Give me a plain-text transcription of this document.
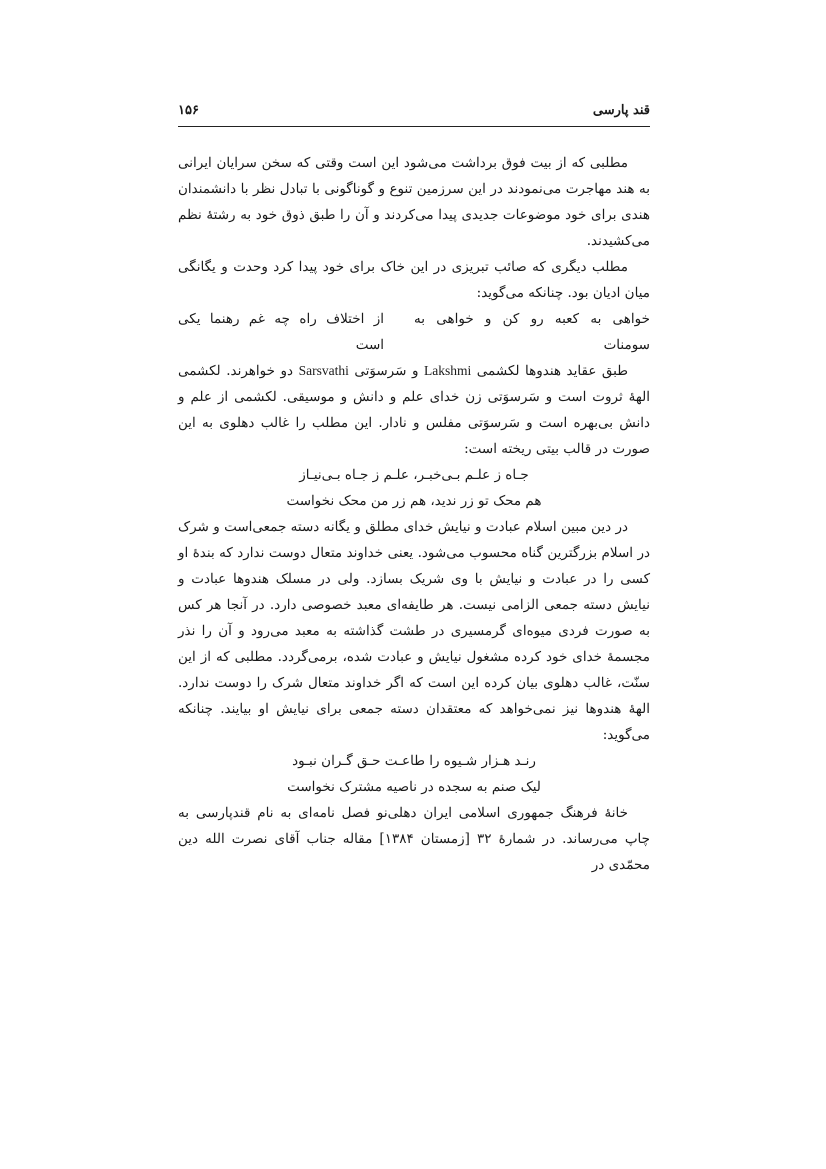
قند پارسی
۱۵۶

مطلبی که از بیت فوق برداشت می‌شود این است وقتی که سخن سرایان ایرانی به هند مهاجرت می‌نمودند در این سرزمین تنوع و گوناگونی با تبادل نظر با دانشمندان هندی برای خود موضوعات جدیدی پیدا می‌کردند و آن را طبق ذوق خود به رشتهٔ نظم می‌کشیدند.

مطلب دیگری که صائب تبریزی در این خاک برای خود پیدا کرد وحدت و یگانگی میان ادیان بود. چنانکه می‌گوید:

خواهی به کعبه رو کن و خواهی به سومنات
از اختلاف راه چه غم رهنما یکی است

طبق عقاید هندوها لکشمی Lakshmi و سَرسوَتی Sarsvathi دو خواهرند. لکشمی الههٔ ثروت است و سَرسوَتی زن خدای علم و دانش و موسیقی. لکشمی از علم و دانش بی‌بهره است و سَرسوَتی مفلس و نادار. این مطلب را غالب دهلوی به این صورت در قالب بیتی ریخته است:

جـاه ز علـم بـی‌خبـر، علـم ز جـاه بـی‌نیـاز

هم محک تو زر ندید، هم زر من محک نخواست

در دین مبین اسلام عبادت و نیایش خدای مطلق و یگانه دسته جمعی‌است و شرک در اسلام بزرگترین گناه محسوب می‌شود. یعنی خداوند متعال دوست ندارد که بندهٔ او کسی را در عبادت و نیایش با وی شریک بسازد. ولی در مسلک هندوها عبادت و نیایش دسته جمعی الزامی نیست. هر طایفه‌ای معبد خصوصی دارد. در آنجا هر کس به صورت فردی میوه‌ای گرمسیری در طشت گذاشته به معبد می‌رود و آن را نذر مجسمهٔ خدای خود کرده مشغول نیایش و عبادت شده، برمی‌گردد. مطلبی که از این سنّت، غالب دهلوی بیان کرده این است که اگر خداوند متعال شرک را دوست ندارد. الههٔ هندوها نیز نمی‌خواهد که معتقدان دسته جمعی برای نیایش او بیایند. چنانکه می‌گوید:

رنـد هـزار شـیوه را طاعـت حـق گـران نبـود

لیک صنم به سجده در ناصیه مشترک نخواست

خانهٔ فرهنگ جمهوری اسلامی ایران دهلی‌نو فصل نامه‌ای به نام قندپارسی به چاپ می‌رساند. در شمارهٔ ۳۲ [زمستان ۱۳۸۴] مقاله جناب آقای نصرت الله دین محمّدی در
